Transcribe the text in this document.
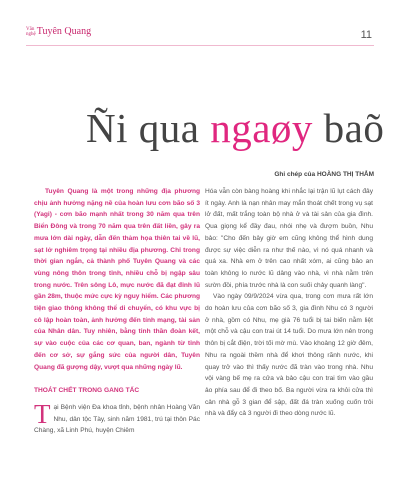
Văn
nghệ Tuyên Quang	11
Ñi qua ngaøy baõ
Ghi chép của HOÀNG THỊ THẮM

Tuyên Quang là một trong những địa phương chịu ảnh hưởng nặng nề của hoàn lưu cơn bão số 3 (Yagi) - cơn bão mạnh nhất trong 30 năm qua trên Biển Đông và trong 70 năm qua trên đất liền, gây ra mưa lớn dài ngày, dẫn đến thảm họa thiên tai về lũ, sạt lở nghiêm trọng tại nhiều địa phương. Chỉ trong thời gian ngắn, cả thành phố Tuyên Quang và các vùng nông thôn trong tỉnh, nhiều chỗ bị ngập sâu trong nước. Trên sông Lô, mực nước đã đạt đỉnh lũ gần 28m, thuộc mức cực kỳ nguy hiểm. Các phương tiện giao thông không thể di chuyển, có khu vực bị cô lập hoàn toàn, ảnh hưởng đến tính mạng, tài sản của Nhân dân. Tuy nhiên, bằng tinh thần đoàn kết, sự vào cuộc của các cơ quan, ban, ngành từ tỉnh đến cơ sở, sự gắng sức của người dân, Tuyên Quang đã gượng dậy, vượt qua những ngày lũ.

THOÁT CHẾT TRONG GANG TẤC

Tại Bệnh viện Đa khoa tỉnh, bệnh nhân Hoàng Văn Nhu, dân tộc Tày, sinh năm 1981, trú tại thôn Pác Chàng, xã Linh Phú, huyện Chiêm

Hóa vẫn còn bàng hoàng khi nhắc lại trận lũ lụt cách đây ít ngày. Anh là nạn nhân may mắn thoát chết trong vụ sạt lở đất, mất trắng toàn bộ nhà ở và tài sản của gia đình. Qua giọng kể đầy đau, nhói nhẹ và đượm buồn, Nhu bảo: "Cho đến bây giờ em cũng không thể hình dung được sự việc diễn ra như thế nào, vì nó quá nhanh và quá xa. Nhà em ở trên cao nhất xóm, ai cũng bảo an toàn không lo nước lũ dâng vào nhà, vì nhà nằm trên sườn đồi, phía trước nhà là con suối chảy quanh làng".

Vào ngày 09/9/2024 vừa qua, trong cơn mưa rất lớn do hoàn lưu của cơn bão số 3, gia đình Nhu có 3 người ở nhà, gồm có Nhu, mẹ già 76 tuổi bị tai biến nằm liệt một chỗ và cậu con trai út 14 tuổi. Do mưa lớn nên trong thôn bị cắt điện, trời tối mờ mù. Vào khoảng 12 giờ đêm, Nhu ra ngoài thềm nhà để khơi thông rãnh nước, khi quay trở vào thì thấy nước đã tràn vào trong nhà. Nhu vội vàng bế mẹ ra cửa và bảo cậu con trai tìm vào gầu ảo phía sau để đi theo bố. Ba người vừa ra khỏi cửa thì cản nhà gỗ 3 gian để sập, đất đá tràn xuống cuốn trôi nhà và đẩy cả 3 người đi theo dòng nước lũ.
